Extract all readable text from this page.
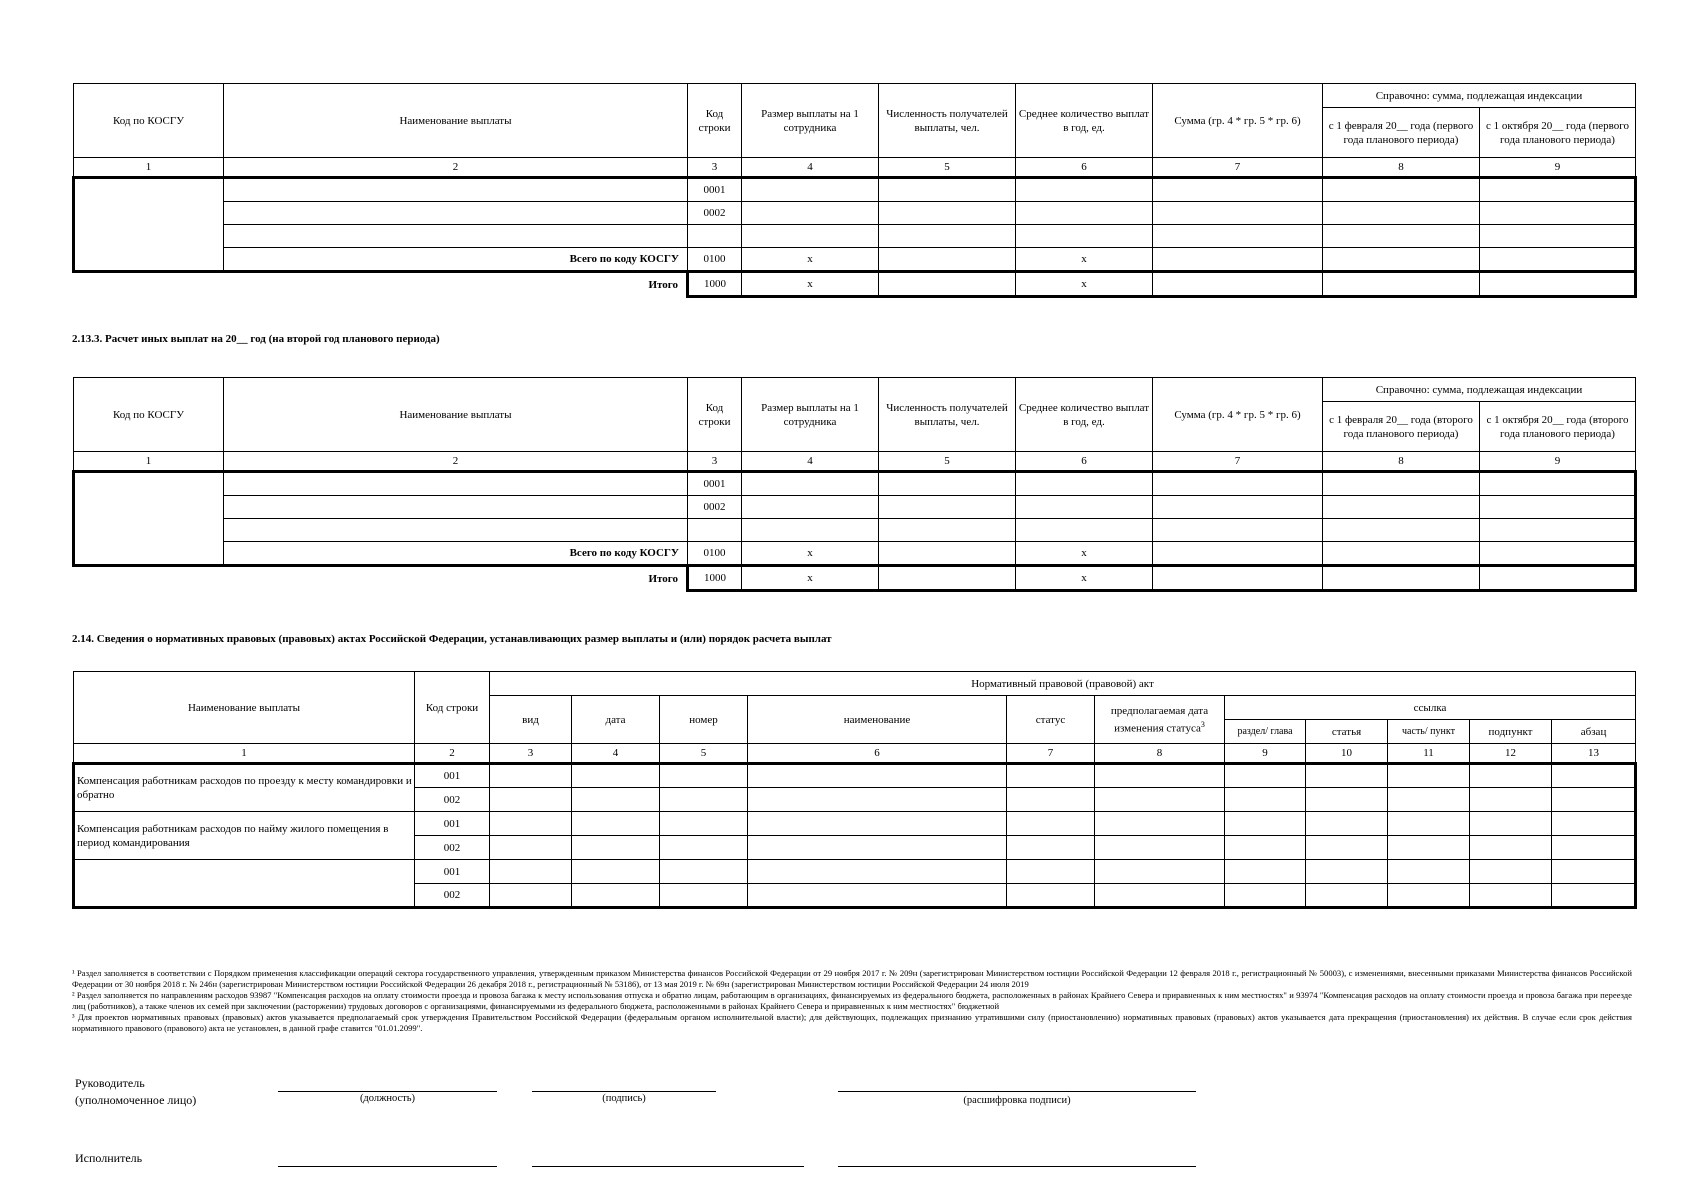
Код по КОСГУ	Наименование выплаты	Код строки	Размер выплаты на 1 сотрудника	Численность получателей выплаты, чел.	Среднее количество выплат в год, ед.	Сумма (гр. 4 * гр. 5 * гр. 6)	Справочно: сумма, подлежащая индексации	
							с 1 февраля 20__ года (первого года планового периода)	с 1 октября 20__ года (первого года планового периода)
1	2	3	4	5	6	7	8	9
		0001						
		0002						

	Всего по коду КОСГУ	0100	x		x			
	Итого	1000	x		x			
2.13.3. Расчет иных выплат на 20__ год (на второй год планового периода)
Код по КОСГУ	Наименование выплаты	Код строки	Размер выплаты на 1 сотрудника	Численность получателей выплаты, чел.	Среднее количество выплат в год, ед.	Сумма (гр. 4 * гр. 5 * гр. 6)	Справочно: сумма, подлежащая индексации	
							с 1 февраля 20__ года (второго года планового периода)	с 1 октября 20__ года (второго года планового периода)
1	2	3	4	5	6	7	8	9
		0001						
		0002						

	Всего по коду КОСГУ	0100	x		x			
	Итого	1000	x		x			
2.14. Сведения о нормативных правовых (правовых) актах Российской Федерации, устанавливающих размер выплаты и (или) порядок расчета выплат
Наименование выплаты	Код строки	Нормативный правовой (правовой) акт										
		вид	дата	номер	наименование	статус	предполагаемая дата изменения статуса$^3$	ссылка				
								раздел/ глава	статья	часть/ пункт	подпункт	абзац
1	2	3	4	5	6	7	8	9	10	11	12	13
Компенсация работникам расходов по проезду к месту командировки и обратно	001											
	002											
Компенсация работникам расходов по найму жилого помещения в период командирования	001											
	002											
	001											
	002											

¹ Раздел заполняется в соответствии с Порядком применения классификации операций сектора государственного управления, утвержденным приказом Министерства финансов Российской Федерации от 29 ноября 2017 г. № 209н (зарегистрирован Министерством юстиции Российской Федерации 12 февраля 2018 г., регистрационный № 50003), с изменениями, внесенными приказами Министерства финансов Российской Федерации от 30 ноября 2018 г. № 246н (зарегистрирован Министерством юстиции Российской Федерации 26 декабря 2018 г., регистрационный № 53186), от 13 мая 2019 г. № 69н (зарегистрирован Министерством юстиции Российской Федерации 24 июля 2019

² Раздел заполняется по направлениям расходов 93987 "Компенсация расходов на оплату стоимости проезда и провоза багажа к месту использования отпуска и обратно лицам, работающим в организациях, финансируемых из федерального бюджета, расположенных в районах Крайнего Севера и приравненных к ним местностях" и 93974 "Компенсация расходов на оплату стоимости проезда и провоза багажа при переезде лиц (работников), а также членов их семей при заключении (расторжении) трудовых договоров с организациями, финансируемыми из федерального бюджета, расположенными в районах Крайнего Севера и приравненных к ним местностях" бюджетной

³ Для проектов нормативных правовых (правовых) актов указывается предполагаемый срок утверждения Правительством Российской Федерации (федеральным органом исполнительной власти); для действующих, подлежащих признанию утратившими силу (приостановлению) нормативных правовых (правовых) актов указывается дата прекращения (приостановления) их действия. В случае если срок действия нормативного правового (правового) акта не установлен, в данной графе ставится "01.01.2099".

Руководитель
(уполномоченное лицо)	(должность)	(подпись)	(расшифровка подписи)
Исполнитель
